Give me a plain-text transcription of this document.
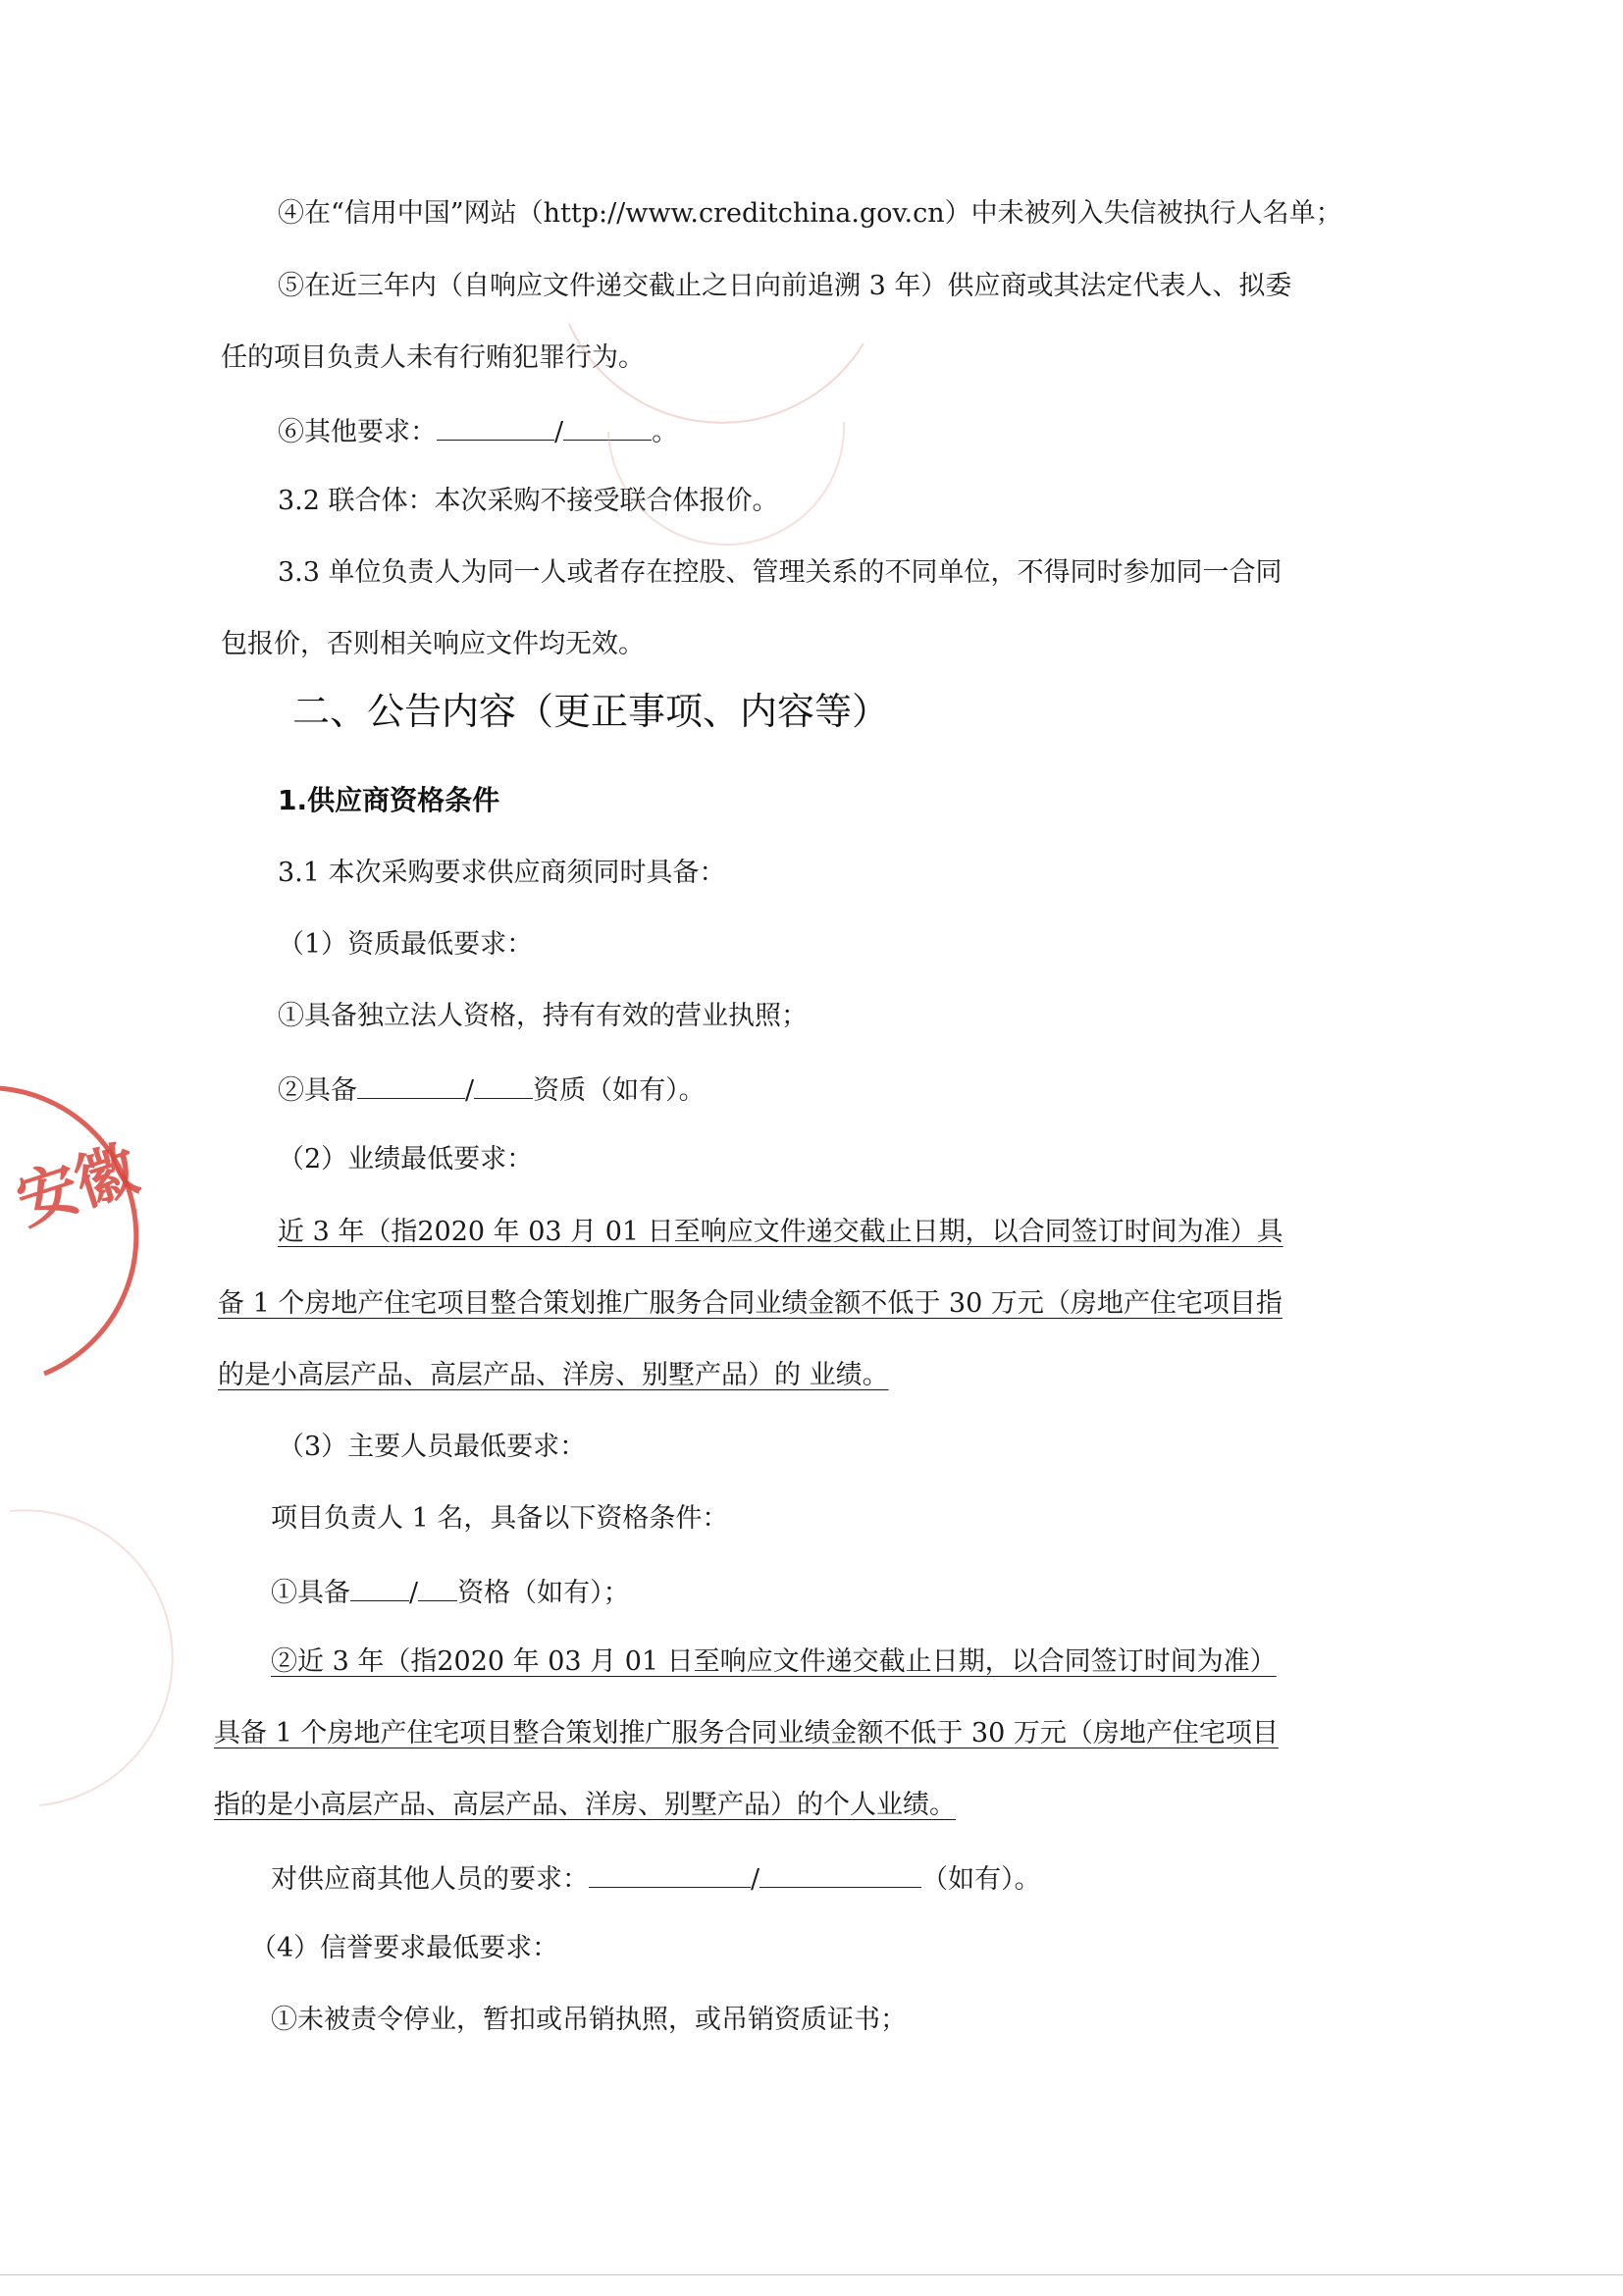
④在“信用中国”网站（http://www.creditchina.gov.cn）中未被列入失信被执行人名单；
⑤在近三年内（自响应文件递交截止之日向前追溯 3 年）供应商或其法定代表人、拟委
任的项目负责人未有行贿犯罪行为。
⑥其他要求：	/	。
3.2 联合体：本次采购不接受联合体报价。
3.3 单位负责人为同一人或者存在控股、管理关系的不同单位，不得同时参加同一合同
包报价，否则相关响应文件均无效。
二、公告内容（更正事项、内容等）
1.供应商资格条件
3.1 本次采购要求供应商须同时具备：
（1）资质最低要求：
①具备独立法人资格，持有有效的营业执照；
②具备	/ 资质（如有）。
（2）业绩最低要求：
近 3 年（指2020 年 03 月 01 日至响应文件递交截止日期，以合同签订时间为准）具
备 1 个房地产住宅项目整合策划推广服务合同业绩金额不低于 30 万元（房地产住宅项目指
的是小高层产品、高层产品、洋房、别墅产品）的 业绩。
（3）主要人员最低要求：
项目负责人 1 名，具备以下资格条件：
①具备 / 资格（如有）；
②近 3 年（指2020 年 03 月 01 日至响应文件递交截止日期，以合同签订时间为准）
具备 1 个房地产住宅项目整合策划推广服务合同业绩金额不低于 30 万元（房地产住宅项目
指的是小高层产品、高层产品、洋房、别墅产品）的个人业绩。
对供应商其他人员的要求：	/	（如有）。
（4）信誉要求最低要求：
①未被责令停业，暂扣或吊销执照，或吊销资质证书；
安徽
